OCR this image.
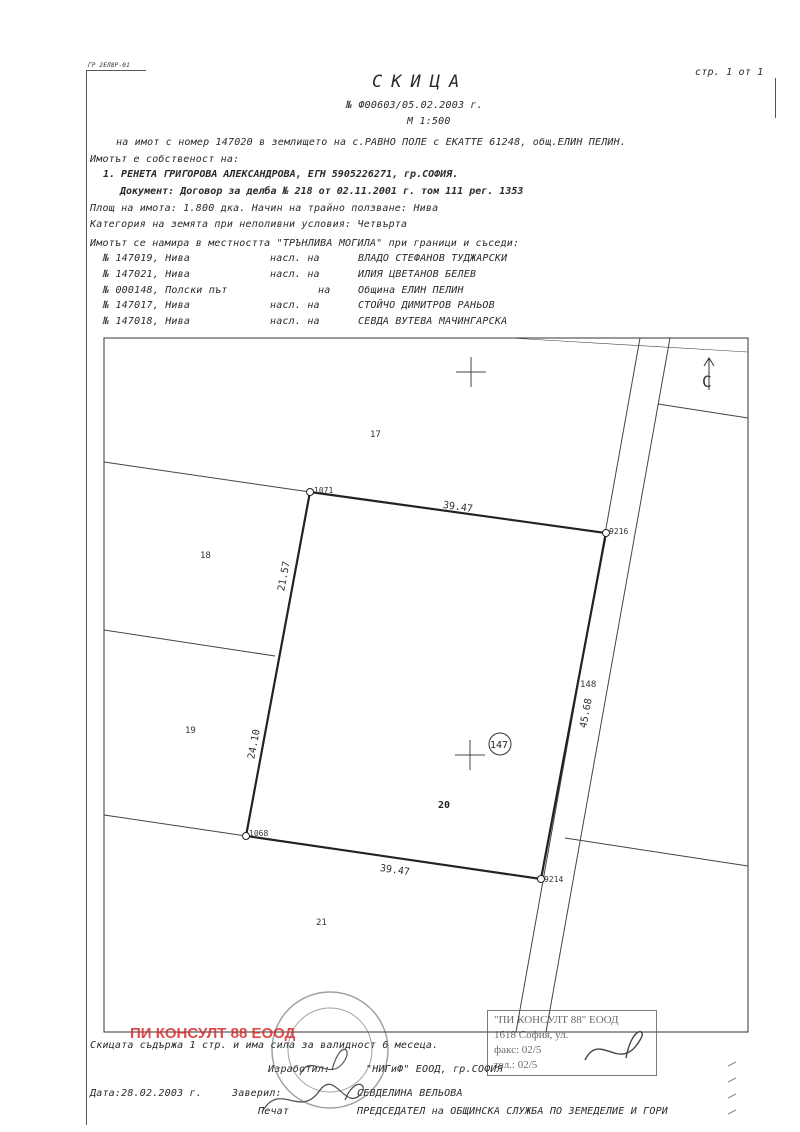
ГР 2ЕЛ8Р-01
стр. 1 от 1
СКИЦА
№ Ф00603/05.02.2003 г.
М 1:500
на имот с номер 147020 в землището на с.РАВНО ПОЛЕ с ЕКАТТЕ 61248, общ.ЕЛИН ПЕЛИН.
Имотът е собственост на:
1. РЕНЕТА ГРИГОРОВА АЛЕКСАНДРОВА, ЕГН 5905226271, гр.СОФИЯ.
Документ: Договор за делба № 218 от 02.11.2001 г. том 111 рег. 1353
Площ на имота: 1.800 дка. Начин на трайно ползване: Нива
Категория на земята при неполивни условия: Четвърта
Имотът се намира в местността "ТРЪНЛИВА МОГИЛА" при граници и съседи:
№ 147019, Нива	насл. на	ВЛАДО СТЕФАНОВ ТУДЖАРСКИ
№ 147021, Нива	насл. на	ИЛИЯ ЦВЕТАНОВ БЕЛЕВ
№ 000148, Полски път	на	Община ЕЛИН ПЕЛИН
№ 147017, Нива	насл. на	СТОЙЧО ДИМИТРОВ РАНЬОВ
№ 147018, Нива	насл. на	СЕВДА ВУТЕВА МАЧИНГАРСКА
С
17
18
19
20
21
148
147
39.47
39.47
21.57
24.10
45.68
1071
9216
1068
9214
Скицата съдържа 1 стр. и има сила за валидност 6 месеца.
Изработил:	"НИГиФ" ЕООД, гр.СОФИЯ
Дата:28.02.2003 г.	Заверил:	СЕВДЕЛИНА ВЕЛЬОВА
Печат	ПРЕДСЕДАТЕЛ на ОБЩИНСКА СЛУЖБА ПО ЗЕМЕДЕЛИЕ И ГОРИ
"ПИ КОНСУЛТ 88" ЕООД
1618 София, ул.
факс: 02/5
тел.: 02/5
ПИ КОНСУЛТ 88 ЕООД
